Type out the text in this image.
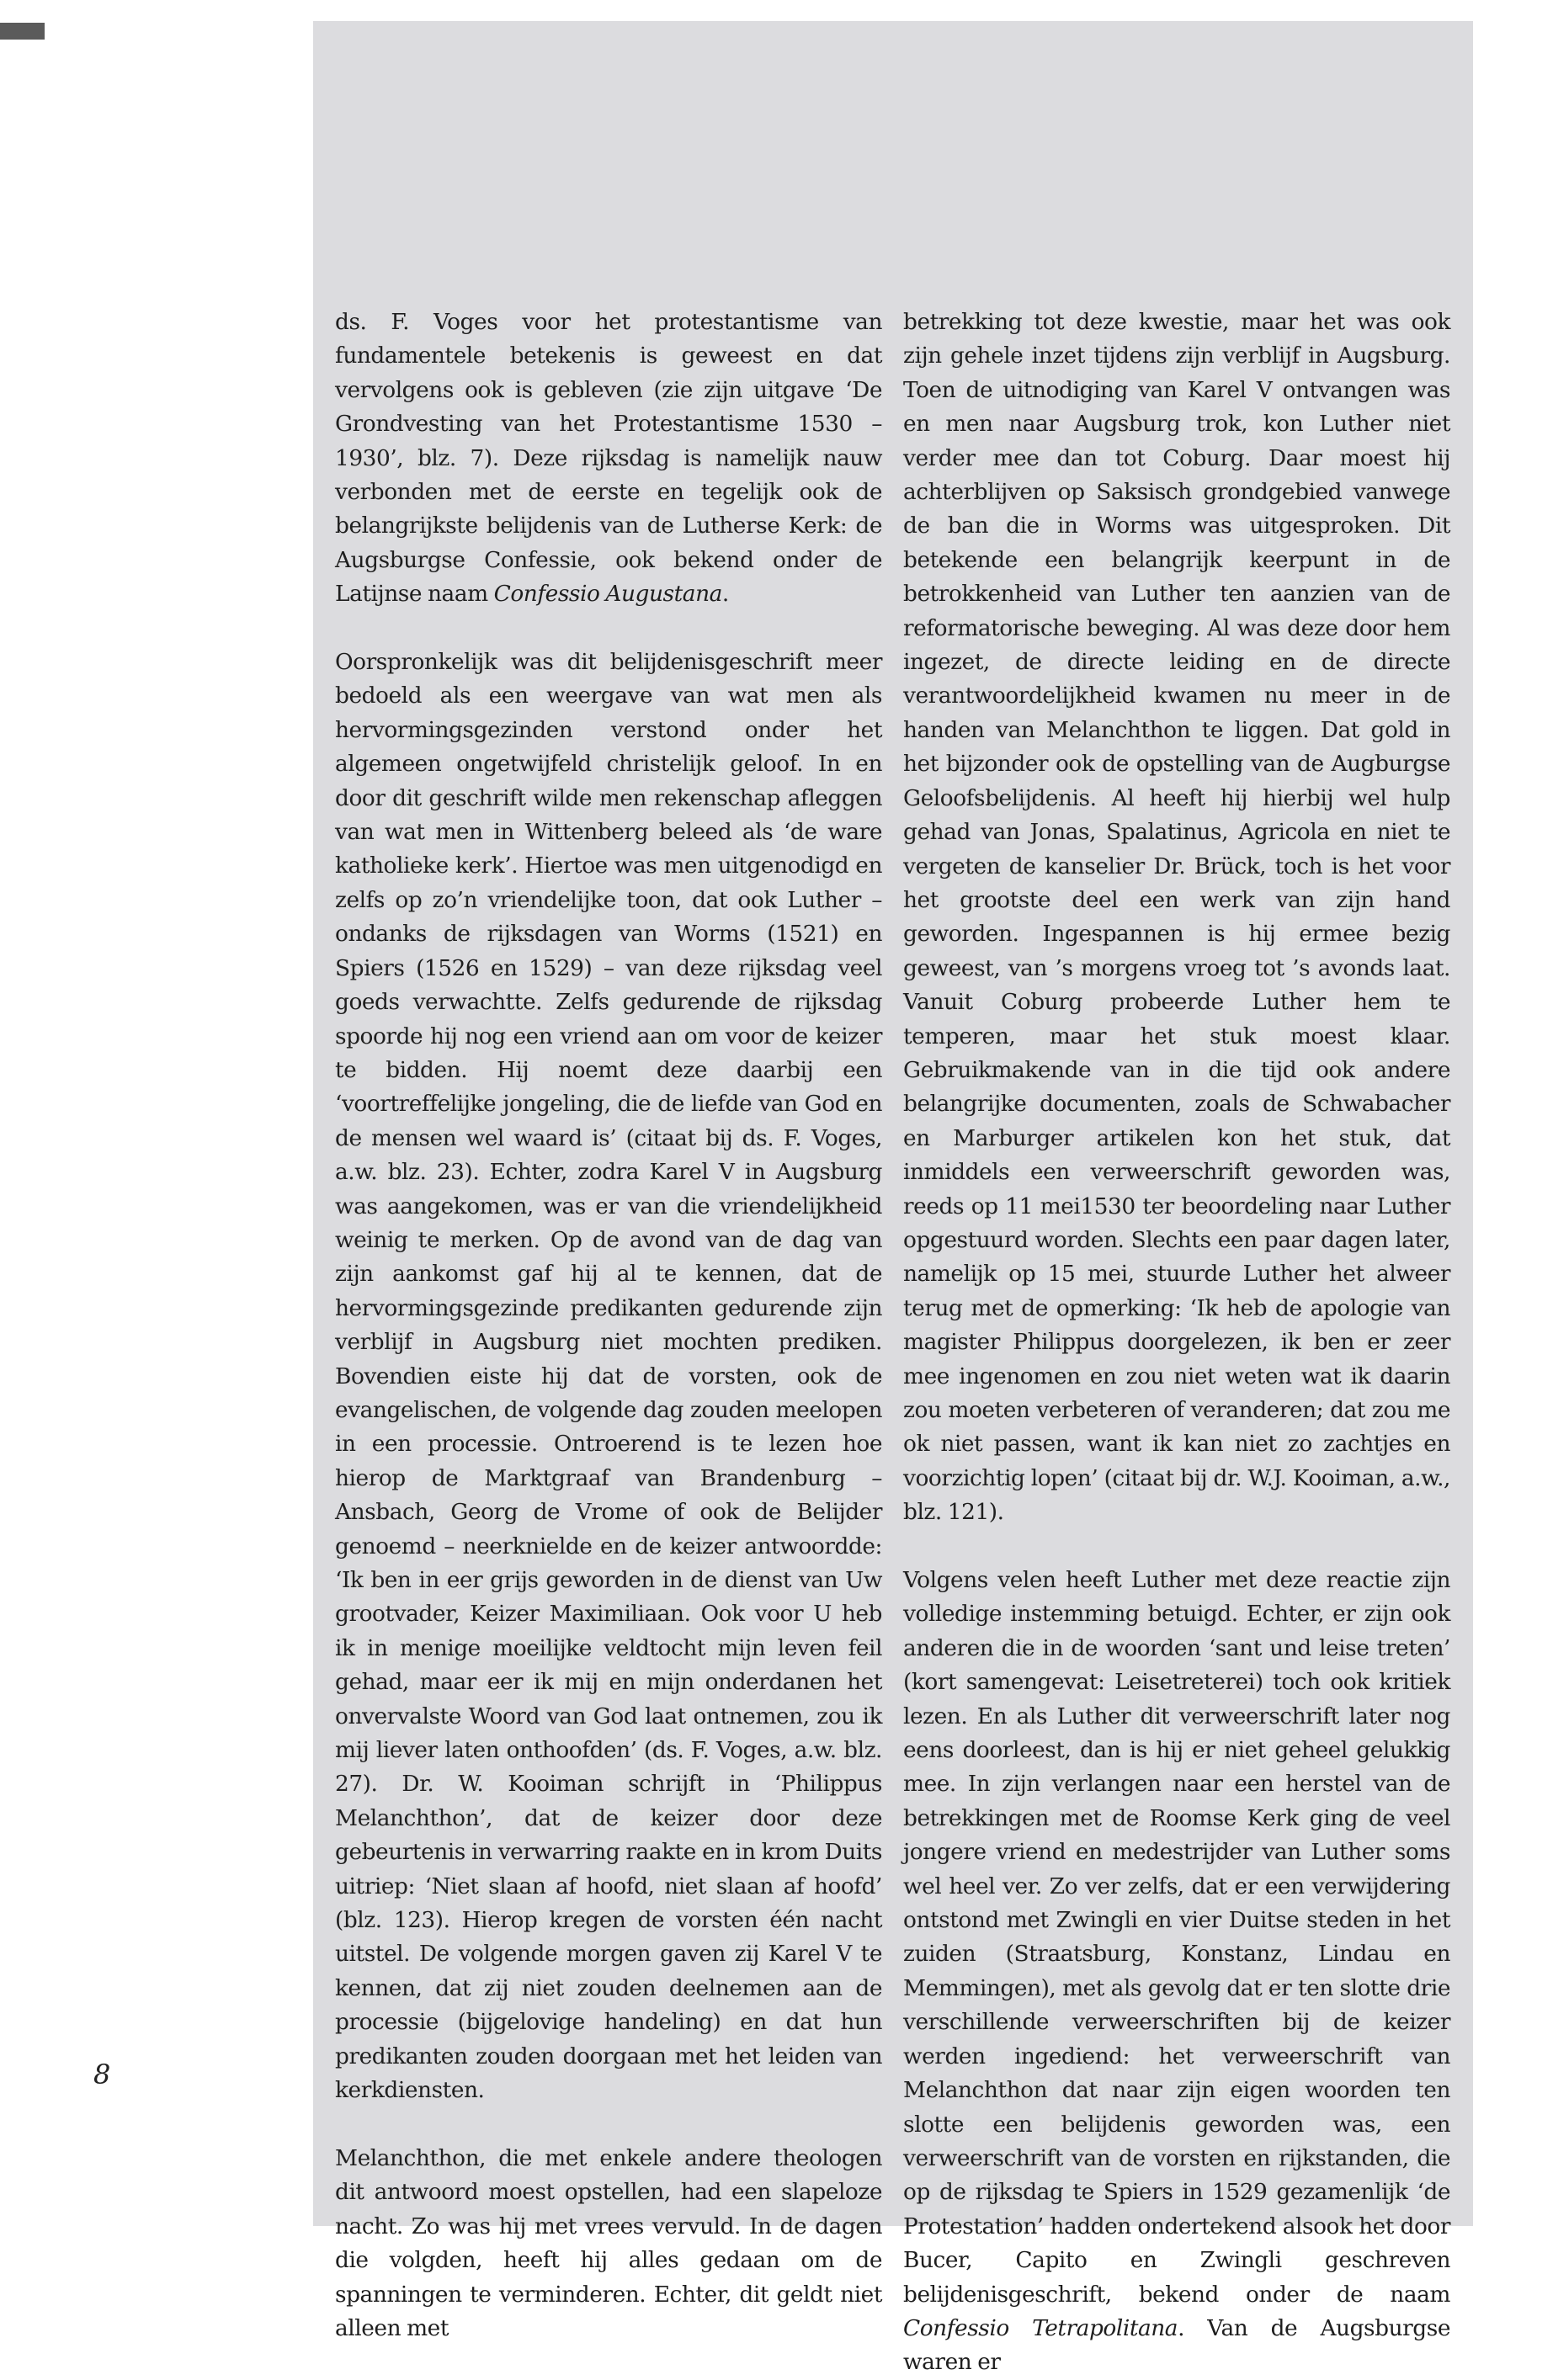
8

ds. F. Voges voor het protestantisme van fundamentele betekenis is geweest en dat vervolgens ook is gebleven (zie zijn uitgave ‘De Grondvesting van het Protestantisme 1530 – 1930’, blz. 7). Deze rijksdag is namelijk nauw verbonden met de eerste en tegelijk ook de belangrijkste belijdenis van de Lutherse Kerk: de Augsburgse Confessie, ook bekend onder de Latijnse naam Confessio Augustana.

Oorspronkelijk was dit belijdenisgeschrift meer bedoeld als een weergave van wat men als hervormingsgezinden verstond onder het algemeen ongetwijfeld christelijk geloof. In en door dit geschrift wilde men rekenschap afleggen van wat men in Wittenberg beleed als ‘de ware katholieke kerk’. Hiertoe was men uitgenodigd en zelfs op zo’n vriendelijke toon, dat ook Luther – ondanks de rijksdagen van Worms (1521) en Spiers (1526 en 1529) – van deze rijksdag veel goeds verwachtte. Zelfs gedurende de rijksdag spoorde hij nog een vriend aan om voor de keizer te bidden. Hij noemt deze daarbij een ‘voortreffelijke jongeling, die de liefde van God en de mensen wel waard is’ (citaat bij ds. F. Voges, a.w. blz. 23). Echter, zodra Karel V in Augsburg was aangekomen, was er van die vriendelijkheid weinig te merken. Op de avond van de dag van zijn aankomst gaf hij al te kennen, dat de hervormingsgezinde predikanten gedurende zijn verblijf in Augsburg niet mochten prediken. Bovendien eiste hij dat de vorsten, ook de evangelischen, de volgende dag zouden meelopen in een processie. Ontroerend is te lezen hoe hierop de Marktgraaf van Brandenburg – Ansbach, Georg de Vrome of ook de Belijder genoemd – neerknielde en de keizer antwoordde: ‘Ik ben in eer grijs geworden in de dienst van Uw grootvader, Keizer Maximiliaan. Ook voor U heb ik in menige moeilijke veldtocht mijn leven feil gehad, maar eer ik mij en mijn onderdanen het onvervalste Woord van God laat ontnemen, zou ik mij liever laten onthoofden’ (ds. F. Voges, a.w. blz. 27). Dr. W. Kooiman schrijft in ‘Philippus Melanchthon’, dat de keizer door deze gebeurtenis in verwarring raakte en in krom Duits uitriep: ‘Niet slaan af hoofd, niet slaan af hoofd’ (blz. 123). Hierop kregen de vorsten één nacht uitstel. De volgende morgen gaven zij Karel V te kennen, dat zij niet zouden deelnemen aan de processie (bijgelovige handeling) en dat hun predikanten zouden doorgaan met het leiden van kerkdiensten.

Melanchthon, die met enkele andere theologen dit antwoord moest opstellen, had een slapeloze nacht. Zo was hij met vrees vervuld. In de dagen die volgden, heeft hij alles gedaan om de spanningen te verminderen. Echter, dit geldt niet alleen met

betrekking tot deze kwestie, maar het was ook zijn gehele inzet tijdens zijn verblijf in Augsburg. Toen de uitnodiging van Karel V ontvangen was en men naar Augsburg trok, kon Luther niet verder mee dan tot Coburg. Daar moest hij achterblijven op Saksisch grondgebied vanwege de ban die in Worms was uitgesproken. Dit betekende een belangrijk keerpunt in de betrokkenheid van Luther ten aanzien van de reformatorische beweging. Al was deze door hem ingezet, de directe leiding en de directe verantwoordelijkheid kwamen nu meer in de handen van Melanchthon te liggen. Dat gold in het bijzonder ook de opstelling van de Augburgse Geloofsbelijdenis. Al heeft hij hierbij wel hulp gehad van Jonas, Spalatinus, Agricola en niet te vergeten de kanselier Dr. Brück, toch is het voor het grootste deel een werk van zijn hand geworden. Ingespannen is hij ermee bezig geweest, van ’s morgens vroeg tot ’s avonds laat. Vanuit Coburg probeerde Luther hem te temperen, maar het stuk moest klaar. Gebruikmakende van in die tijd ook andere belangrijke documenten, zoals de Schwabacher en Marburger artikelen kon het stuk, dat inmiddels een verweerschrift geworden was, reeds op 11 mei1530 ter beoordeling naar Luther opgestuurd worden. Slechts een paar dagen later, namelijk op 15 mei, stuurde Luther het alweer terug met de opmerking: ‘Ik heb de apologie van magister Philippus doorgelezen, ik ben er zeer mee ingenomen en zou niet weten wat ik daarin zou moeten verbeteren of veranderen; dat zou me ok niet passen, want ik kan niet zo zachtjes en voorzichtig lopen’ (citaat bij dr. W.J. Kooiman, a.w., blz. 121).

Volgens velen heeft Luther met deze reactie zijn volledige instemming betuigd. Echter, er zijn ook anderen die in de woorden ‘sant und leise treten’ (kort samengevat: Leisetreterei) toch ook kritiek lezen. En als Luther dit verweerschrift later nog eens doorleest, dan is hij er niet geheel gelukkig mee. In zijn verlangen naar een herstel van de betrekkingen met de Roomse Kerk ging de veel jongere vriend en medestrijder van Luther soms wel heel ver. Zo ver zelfs, dat er een verwijdering ontstond met Zwingli en vier Duitse steden in het zuiden (Straatsburg, Konstanz, Lindau en Memmingen), met als gevolg dat er ten slotte drie verschillende verweerschriften bij de keizer werden ingediend: het verweerschrift van Melanchthon dat naar zijn eigen woorden ten slotte een belijdenis geworden was, een verweerschrift van de vorsten en rijkstanden, die op de rijksdag te Spiers in 1529 gezamenlijk ‘de Protestation’ hadden ondertekend alsook het door Bucer, Capito en Zwingli geschreven belijdenisgeschrift, bekend onder de naam Confessio Tetrapolitana. Van de Augsburgse waren er
